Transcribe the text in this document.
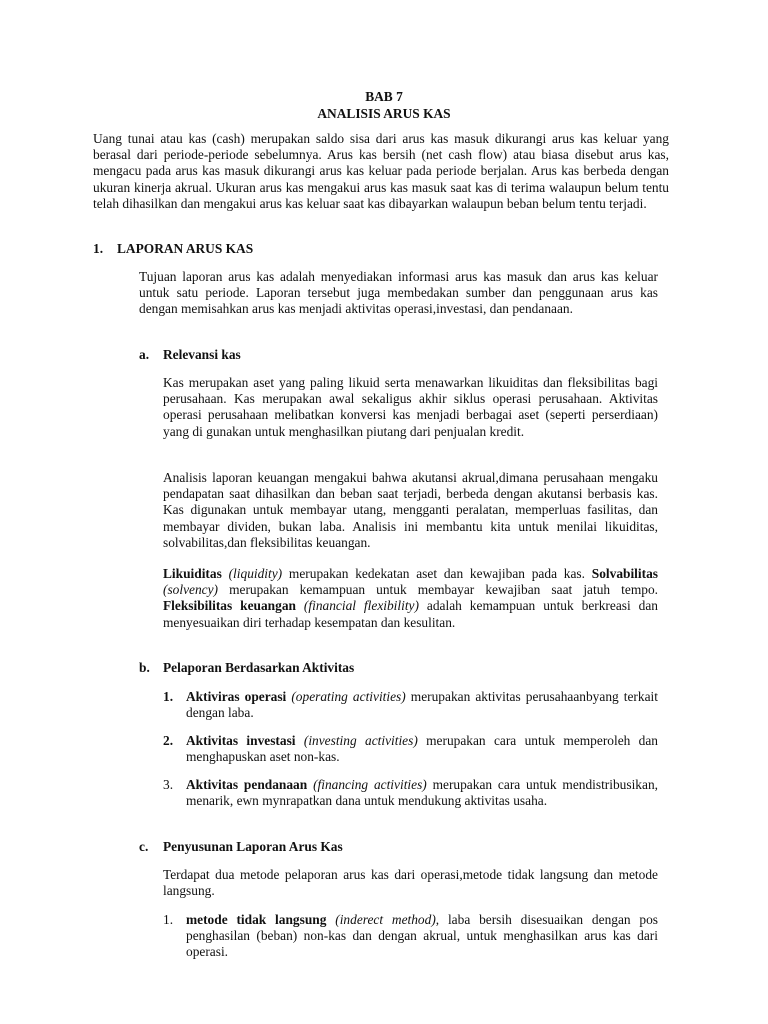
BAB 7
ANALISIS ARUS KAS

Uang tunai atau kas (cash) merupakan saldo sisa dari arus kas masuk dikurangi arus kas keluar yang berasal dari periode-periode sebelumnya. Arus kas bersih (net cash flow) atau biasa disebut arus kas, mengacu pada arus kas masuk dikurangi arus kas keluar pada periode berjalan. Arus kas berbeda dengan ukuran kinerja akrual. Ukuran arus kas mengakui arus kas masuk saat kas di terima walaupun belum tentu telah dihasilkan dan mengakui arus kas keluar saat kas dibayarkan walaupun beban belum tentu terjadi.

1. LAPORAN ARUS KAS

Tujuan laporan arus kas adalah menyediakan informasi arus kas masuk dan arus kas keluar untuk satu periode. Laporan tersebut juga membedakan sumber dan penggunaan arus kas dengan memisahkan arus kas menjadi aktivitas operasi,investasi, dan pendanaan.

a. Relevansi kas

Kas merupakan aset yang paling likuid serta menawarkan likuiditas dan fleksibilitas bagi perusahaan. Kas merupakan awal sekaligus akhir siklus operasi perusahaan. Aktivitas operasi perusahaan melibatkan konversi kas menjadi berbagai aset (seperti perserdiaan) yang di gunakan untuk menghasilkan piutang dari penjualan kredit.

Analisis laporan keuangan mengakui bahwa akutansi akrual,dimana perusahaan mengaku pendapatan saat dihasilkan dan beban saat terjadi, berbeda dengan akutansi berbasis kas. Kas digunakan untuk membayar utang, mengganti peralatan, memperluas fasilitas, dan membayar dividen, bukan laba. Analisis ini membantu kita untuk menilai likuiditas, solvabilitas,dan fleksibilitas keuangan.

Likuiditas (liquidity) merupakan kedekatan aset dan kewajiban pada kas. Solvabilitas (solvency) merupakan kemampuan untuk membayar kewajiban saat jatuh tempo. Fleksibilitas keuangan (financial flexibility) adalah kemampuan untuk berkreasi dan menyesuaikan diri terhadap kesempatan dan kesulitan.

b. Pelaporan Berdasarkan Aktivitas
1. Aktiviras operasi (operating activities) merupakan aktivitas perusahaanbyang terkait dengan laba.
2. Aktivitas investasi (investing activities) merupakan cara untuk memperoleh dan menghapuskan aset non-kas.
3. Aktivitas pendanaan (financing activities) merupakan cara untuk mendistribusikan, menarik, ewn mynrapatkan dana untuk mendukung aktivitas usaha.
c. Penyusunan Laporan Arus Kas

Terdapat dua metode pelaporan arus kas dari operasi,metode tidak langsung dan metode langsung.

1. metode tidak langsung (inderect method), laba bersih disesuaikan dengan pos penghasilan (beban) non-kas dan dengan akrual, untuk menghasilkan arus kas dari operasi.
